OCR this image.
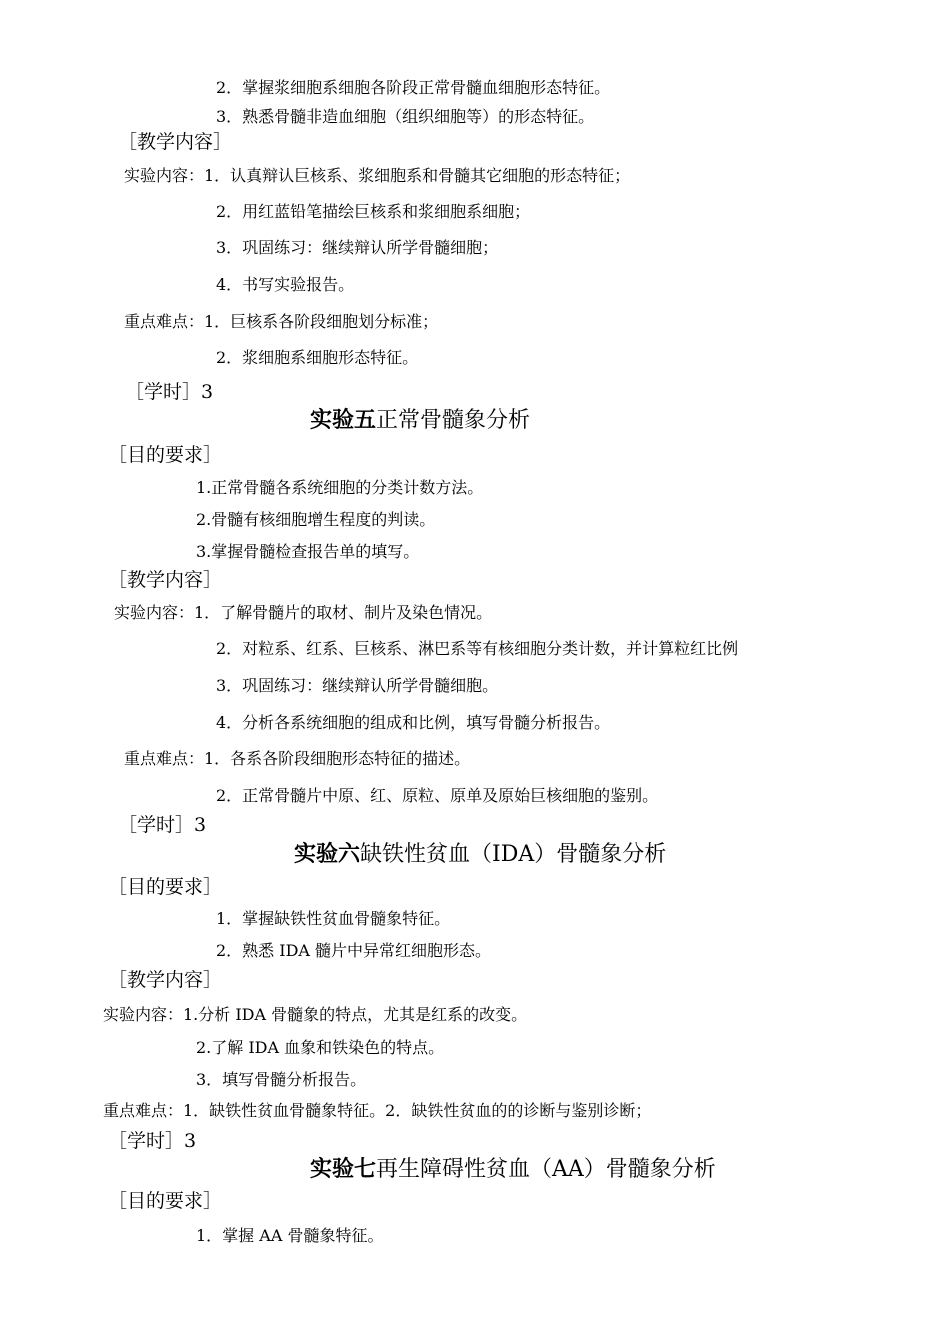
2．掌握浆细胞系细胞各阶段正常骨髓血细胞形态特征。
3．熟悉骨髓非造血细胞（组织细胞等）的形态特征。
［教学内容］
实验内容：1．认真辩认巨核系、浆细胞系和骨髓其它细胞的形态特征；
2．用红蓝铅笔描绘巨核系和浆细胞系细胞；
3．巩固练习：继续辩认所学骨髓细胞；
4．书写实验报告。
重点难点：1．巨核系各阶段细胞划分标准；
2．浆细胞系细胞形态特征。
［学时］3
实验五正常骨髓象分析
［目的要求］
1.正常骨髓各系统细胞的分类计数方法。
2.骨髓有核细胞增生程度的判读。
3.掌握骨髓检查报告单的填写。
［教学内容］
实验内容：1．了解骨髓片的取材、制片及染色情况。
2．对粒系、红系、巨核系、淋巴系等有核细胞分类计数，并计算粒红比例
3．巩固练习：继续辩认所学骨髓细胞。
4．分析各系统细胞的组成和比例，填写骨髓分析报告。
重点难点：1．各系各阶段细胞形态特征的描述。
2．正常骨髓片中原、红、原粒、原单及原始巨核细胞的鉴别。
［学时］3
实验六缺铁性贫血（IDA）骨髓象分析
［目的要求］
1．掌握缺铁性贫血骨髓象特征。
2．熟悉 IDA 髓片中异常红细胞形态。
［教学内容］
实验内容：1.分析 IDA 骨髓象的特点，尤其是红系的改变。
2.了解 IDA 血象和铁染色的特点。
3．填写骨髓分析报告。
重点难点：1．缺铁性贫血骨髓象特征。2．缺铁性贫血的的诊断与鉴别诊断；
［学时］3
实验七再生障碍性贫血（AA）骨髓象分析
［目的要求］
1．掌握 AA 骨髓象特征。
